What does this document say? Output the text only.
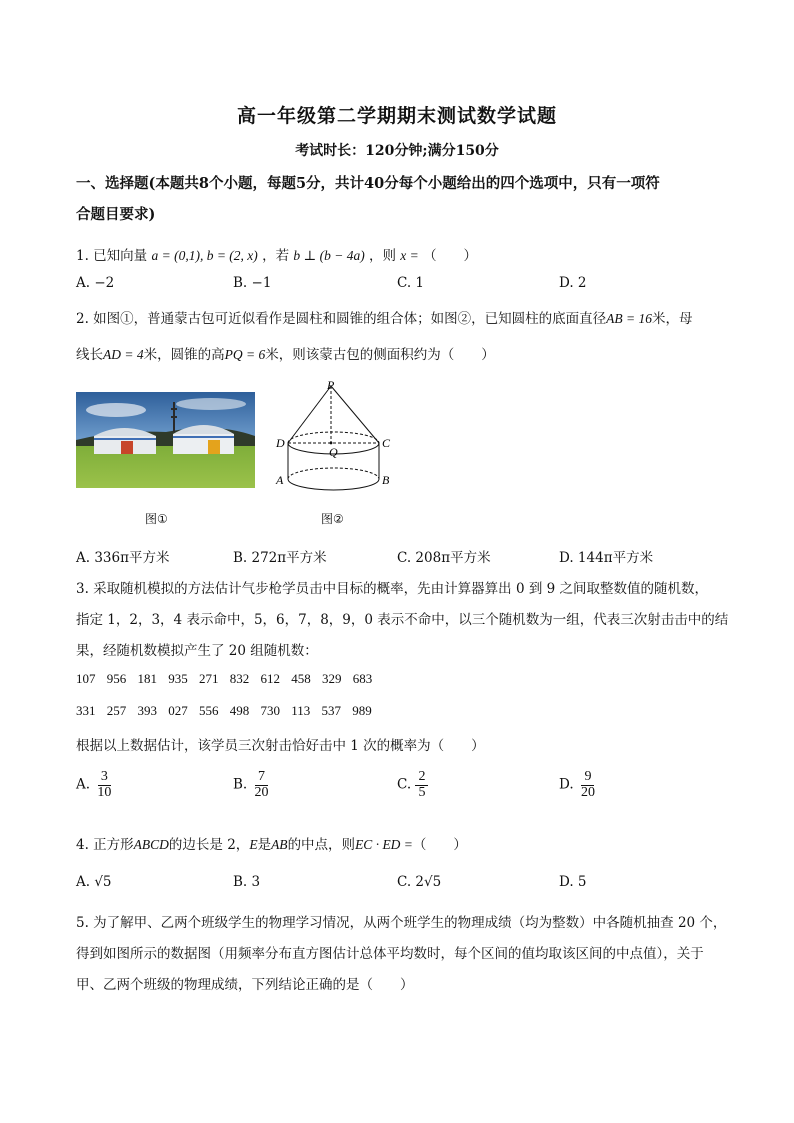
高一年级第二学期期末测试数学试题
考试时长：120分钟;满分150分
一、选择题(本题共8个小题，每题5分，共计40分每个小题给出的四个选项中，只有一项符
合题目要求)
1. 已知向量 a = (0,1), b = (2, x) ，若 b ⊥ (b − 4a) ，则 x = （　　）
A. −2	B. −1	C. 1	D. 2
2. 如图①，普通蒙古包可近似看作是圆柱和圆锥的组合体；如图②，已知圆柱的底面直径AB = 16米，母
线长AD = 4米，圆锥的高PQ = 6米，则该蒙古包的侧面积约为（　　）
P
D	C
Q
A	B
图①	图②
A. 336π平方米	B. 272π平方米	C. 208π平方米	D. 144π平方米
3. 采取随机模拟的方法估计气步枪学员击中目标的概率，先由计算器算出 0 到 9 之间取整数值的随机数，
指定 1，2，3，4 表示命中，5，6，7，8，9，0 表示不命中，以三个随机数为一组，代表三次射击击中的结
果，经随机数模拟产生了 20 组随机数：
107 956 181 935 271 832 612 458 329 683
331 257 393 027 556 498 730 113 537 989
根据以上数据估计，该学员三次射击恰好击中 1 次的概率为（　　）
A. $\frac{3}{10}$	B. $\frac{7}{20}$	C. $\frac{2}{5}$	D. $\frac{9}{20}$
4. 正方形ABCD的边长是 2，E是AB的中点，则EC · ED =（　　）
A. √5	B. 3	C. 2√5	D. 5
5. 为了解甲、乙两个班级学生的物理学习情况，从两个班学生的物理成绩（均为整数）中各随机抽查 20 个，
得到如图所示的数据图（用频率分布直方图估计总体平均数时，每个区间的值均取该区间的中点值），关于
甲、乙两个班级的物理成绩，下列结论正确的是（　　）
